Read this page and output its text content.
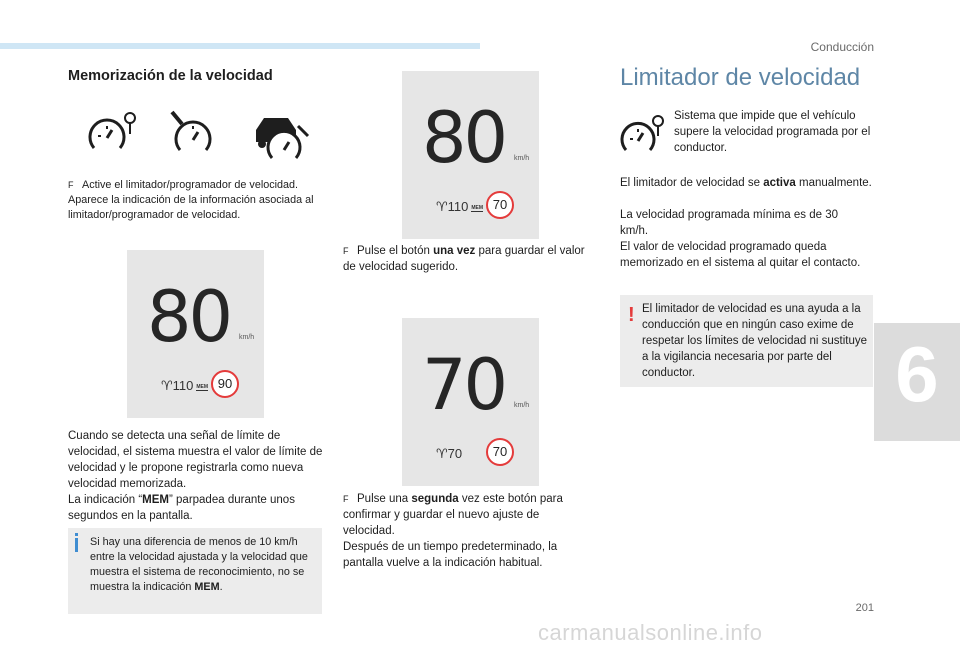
Conducción
6
201
carmanualsonline.info
Memorización de la velocidad
F Active el limitador/programador de velocidad. Aparece la indicación de la información asociada al limitador/programador de velocidad.
80 km/h
♈110 MEM 90
Cuando se detecta una señal de límite de velocidad, el sistema muestra el valor de límite de velocidad y le propone registrarla como nueva velocidad memorizada.
La indicación “MEM” parpadea durante unos segundos en la pantalla.
Si hay una diferencia de menos de 10 km/h entre la velocidad ajustada y la velocidad que muestra el sistema de reconocimiento, no se muestra la indicación MEM.
80 km/h
♈110 MEM 70
F Pulse el botón una vez para guardar el valor de velocidad sugerido.
70 km/h
♈70	70
F Pulse una segunda vez este botón para confirmar y guardar el nuevo ajuste de velocidad.
Después de un tiempo predeterminado, la pantalla vuelve a la indicación habitual.
Limitador de velocidad
Sistema que impide que el vehículo supere la velocidad programada por el conductor.
El limitador de velocidad se activa manualmente.
La velocidad programada mínima es de 30 km/h.
El valor de velocidad programado queda memorizado en el sistema al quitar el contacto.
! El limitador de velocidad es una ayuda a la conducción que en ningún caso exime de respetar los límites de velocidad ni sustituye a la vigilancia necesaria por parte del conductor.
